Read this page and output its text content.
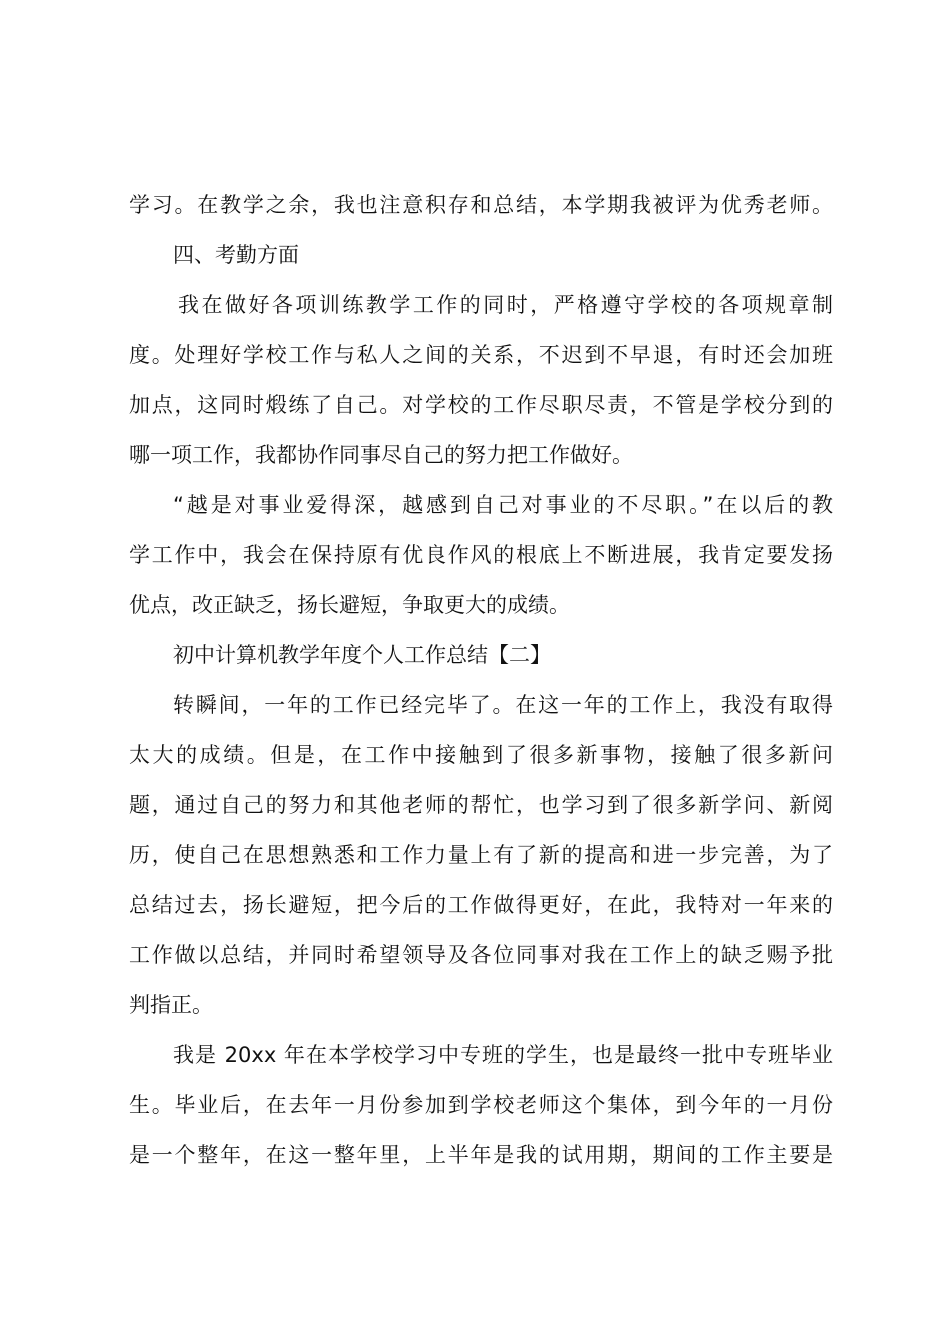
学习。在教学之余，我也注意积存和总结，本学期我被评为优秀老师。
四、考勤方面
我在做好各项训练教学工作的同时，严格遵守学校的各项规章制
度。处理好学校工作与私人之间的关系，不迟到不早退，有时还会加班
加点，这同时煅练了自己。对学校的工作尽职尽责，不管是学校分到的
哪一项工作，我都协作同事尽自己的努力把工作做好。
“越是对事业爱得深，越感到自己对事业的不尽职。”在以后的教
学工作中，我会在保持原有优良作风的根底上不断进展，我肯定要发扬
优点，改正缺乏，扬长避短，争取更大的成绩。
初中计算机教学年度个人工作总结【二】
转瞬间，一年的工作已经完毕了。在这一年的工作上，我没有取得
太大的成绩。但是，在工作中接触到了很多新事物，接触了很多新问
题，通过自己的努力和其他老师的帮忙，也学习到了很多新学问、新阅
历，使自己在思想熟悉和工作力量上有了新的提高和进一步完善，为了
总结过去，扬长避短，把今后的工作做得更好，在此，我特对一年来的
工作做以总结，并同时希望领导及各位同事对我在工作上的缺乏赐予批
判指正。
我是 20xx 年在本学校学习中专班的学生，也是最终一批中专班毕业
生。毕业后，在去年一月份参加到学校老师这个集体，到今年的一月份
是一个整年，在这一整年里，上半年是我的试用期，期间的工作主要是
